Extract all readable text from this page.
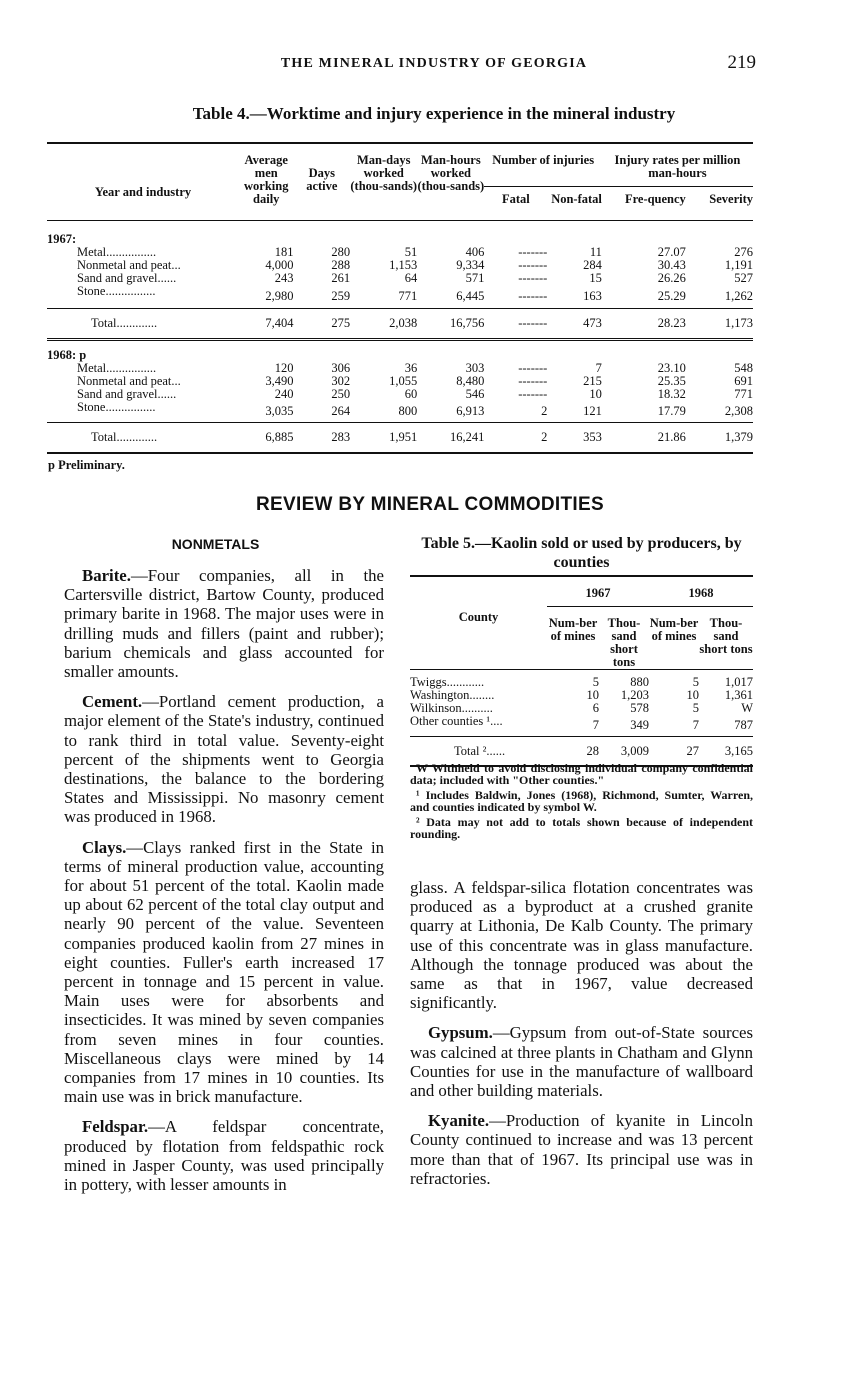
THE MINERAL INDUSTRY OF GEORGIA	219
Table 4.—Worktime and injury experience in the mineral industry
Year and industry	Average men working daily	Days active	Man-days worked (thou-sands)	Man-hours worked (thou-sands)	Number of injuries		Injury rates per million man-hours	
					Fatal	Non-fatal	Fre-quency	Severity
1967:								
Metal................	181	280	51	406	-------	11	27.07	276
Nonmetal and peat...	4,000	288	1,153	9,334	-------	284	30.43	1,191
Sand and gravel......	243	261	64	571	-------	15	26.26	527
Stone................	2,980	259	771	6,445	-------	163	25.29	1,262
Total.............	7,404	275	2,038	16,756	-------	473	28.23	1,173
1968: p								
Metal................	120	306	36	303	-------	7	23.10	548
Nonmetal and peat...	3,490	302	1,055	8,480	-------	215	25.35	691
Sand and gravel......	240	250	60	546	-------	10	18.32	771
Stone................	3,035	264	800	6,913	2	121	17.79	2,308
Total.............	6,885	283	1,951	16,241	2	353	21.86	1,379
p Preliminary.
REVIEW BY MINERAL COMMODITIES
NONMETALS

Barite.—Four companies, all in the Cartersville district, Bartow County, produced primary barite in 1968. The major uses were in drilling muds and fillers (paint and rubber); barium chemicals and glass accounted for smaller amounts.

Cement.—Portland cement production, a major element of the State's industry, continued to rank third in total value. Seventy-eight percent of the shipments went to Georgia destinations, the balance to the bordering States and Mississippi. No masonry cement was produced in 1968.

Clays.—Clays ranked first in the State in terms of mineral production value, accounting for about 51 percent of the total. Kaolin made up about 62 percent of the total clay output and nearly 90 percent of the value. Seventeen companies produced kaolin from 27 mines in eight counties. Fuller's earth increased 17 percent in tonnage and 15 percent in value. Main uses were for absorbents and insecticides. It was mined by seven companies from seven mines in four counties. Miscellaneous clays were mined by 14 companies from 17 mines in 10 counties. Its main use was in brick manufacture.

Feldspar.—A feldspar concentrate, produced by flotation from feldspathic rock mined in Jasper County, was used principally in pottery, with lesser amounts in

Table 5.—Kaolin sold or used by producers, by counties
County	1967		1968	
	Num-ber of mines	Thou-sand short tons	Num-ber of mines	Thou-sand short tons
Twiggs............	5	880	5	1,017
Washington........	10	1,203	10	1,361
Wilkinson..........	6	578	5	W
Other counties ¹....	7	349	7	787
Total ²......	28	3,009	27	3,165

W Withheld to avoid disclosing individual company confidential data; included with "Other counties."

¹ Includes Baldwin, Jones (1968), Richmond, Sumter, Warren, and counties indicated by symbol W.

² Data may not add to totals shown because of independent rounding.

glass. A feldspar-silica flotation concentrates was produced as a byproduct at a crushed granite quarry at Lithonia, De Kalb County. The primary use of this concentrate was in glass manufacture. Although the tonnage produced was about the same as that in 1967, value decreased significantly.

Gypsum.—Gypsum from out-of-State sources was calcined at three plants in Chatham and Glynn Counties for use in the manufacture of wallboard and other building materials.

Kyanite.—Production of kyanite in Lincoln County continued to increase and was 13 percent more than that of 1967. Its principal use was in refractories.
